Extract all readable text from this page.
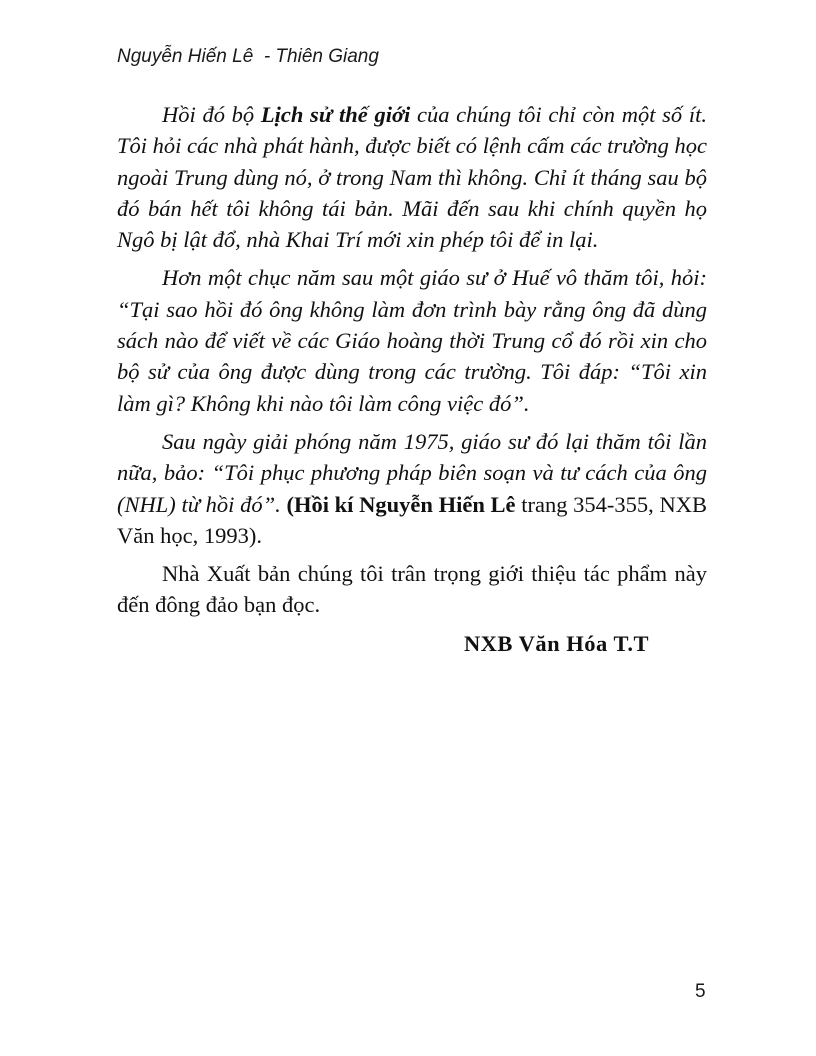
Nguyễn Hiến Lê  - Thiên Giang

Hồi đó bộ Lịch sử thế giới của chúng tôi chỉ còn một số ít. Tôi hỏi các nhà phát hành, được biết có lệnh cấm các trường học ngoài Trung dùng nó, ở trong Nam thì không. Chỉ ít tháng sau bộ đó bán hết tôi không tái bản. Mãi đến sau khi chính quyền họ Ngô bị lật đổ, nhà Khai Trí mới xin phép tôi để in lại.

Hơn một chục năm sau một giáo sư ở Huế vô thăm tôi, hỏi: “Tại sao hồi đó ông không làm đơn trình bày rằng ông đã dùng sách nào để viết về các Giáo hoàng thời Trung cổ đó rồi xin cho bộ sử của ông được dùng trong các trường. Tôi đáp: “Tôi xin làm gì? Không khi nào tôi làm công việc đó”.

Sau ngày giải phóng năm 1975, giáo sư đó lại thăm tôi lần nữa, bảo: “Tôi phục phương pháp biên soạn và tư cách của ông (NHL) từ hồi đó”. (Hồi kí Nguyễn Hiến Lê trang 354-355, NXB Văn học, 1993).

Nhà Xuất bản chúng tôi trân trọng giới thiệu tác phẩm này đến đông đảo bạn đọc.

NXB Văn Hóa T.T
5
